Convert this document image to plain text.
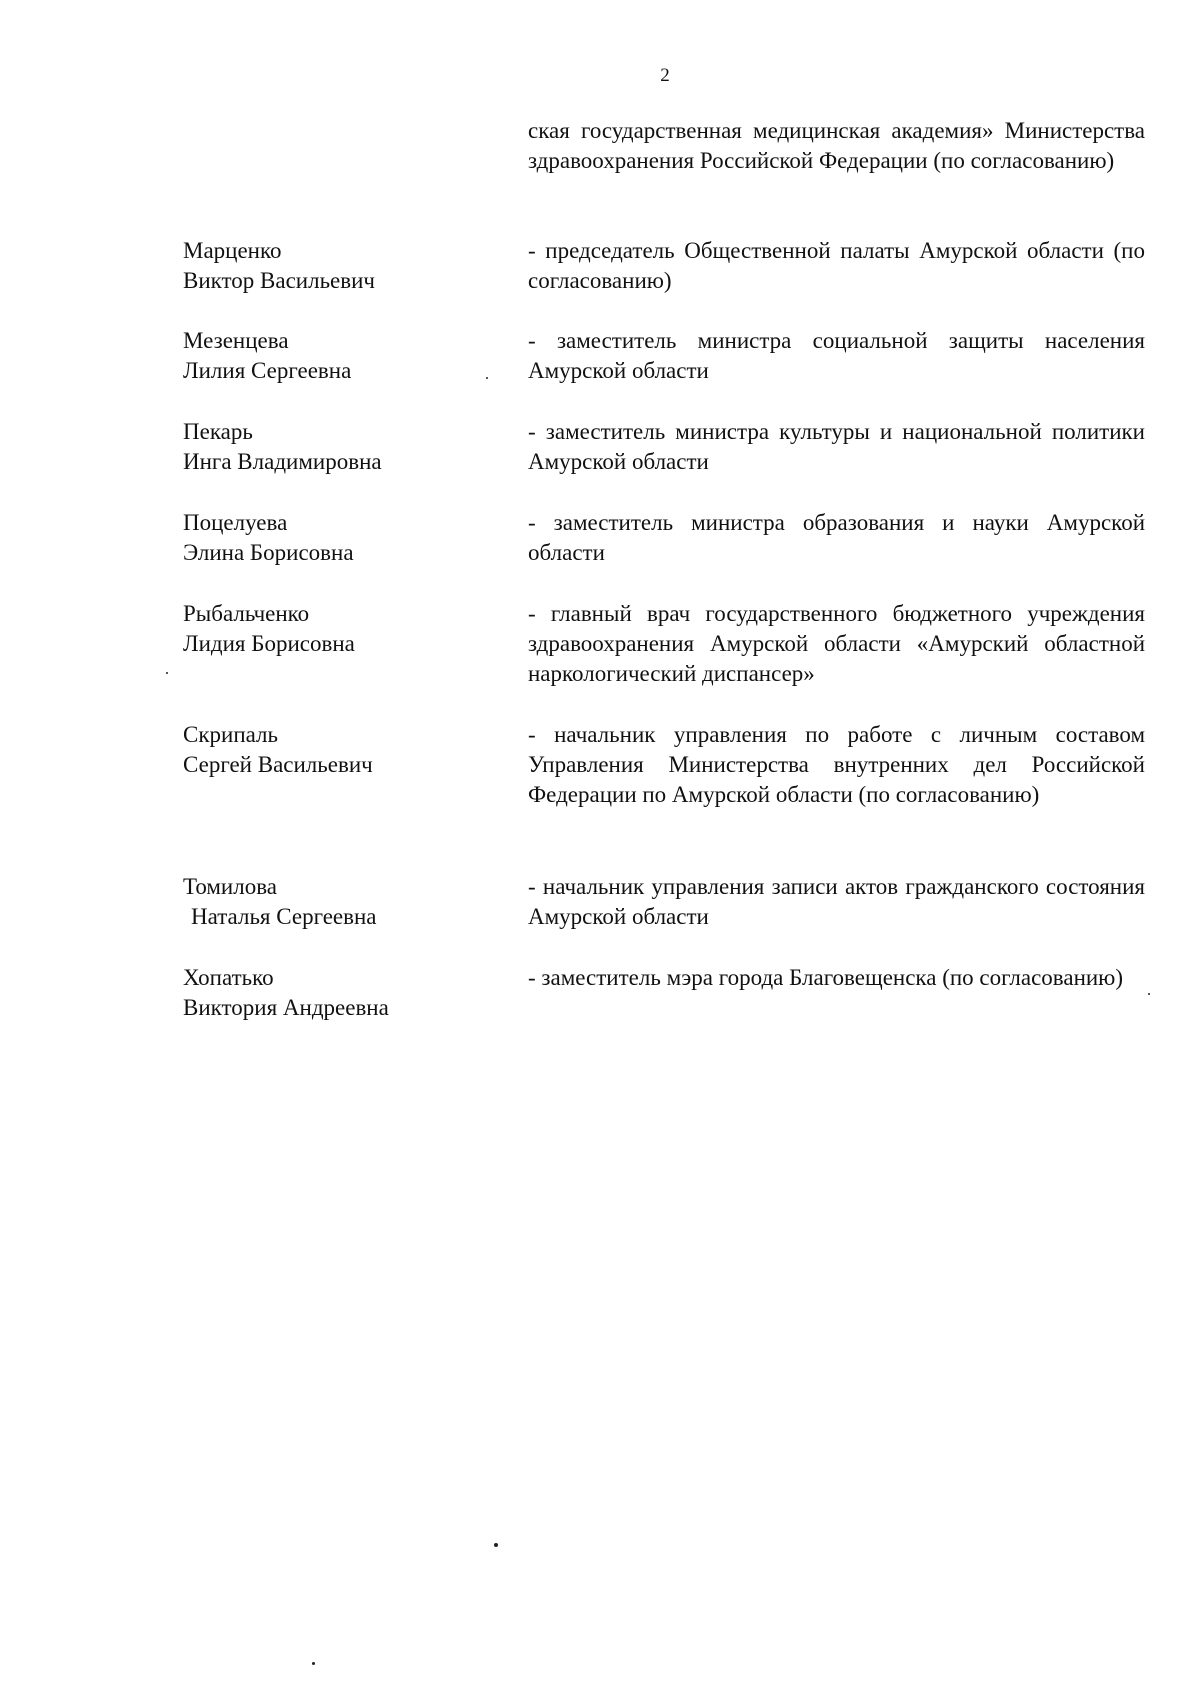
2
ская государственная медицинская академия» Министерства здравоохранения Российской Федерации (по согласованию)
Марценко
Виктор Васильевич
- председатель Общественной палаты Амурской области (по согласованию)
Мезенцева
Лилия Сергеевна
- заместитель министра социальной защиты населения Амурской области
Пекарь
Инга Владимировна
- заместитель министра культуры и национальной политики Амурской области
Поцелуева
Элина Борисовна
- заместитель министра образования и науки Амурской области
Рыбальченко
Лидия Борисовна
- главный врач государственного бюджетного учреждения здравоохранения Амурской области «Амурский областной наркологический диспансер»
Скрипаль
Сергей Васильевич
- начальник управления по работе с личным составом Управления Министерства внутренних дел Российской Федерации по Амурской области (по согласованию)
Томилова
Наталья Сергеевна
- начальник управления записи актов гражданского состояния Амурской области
Хопатько
Виктория Андреевна
- заместитель мэра города Благовещенска (по согласованию)
